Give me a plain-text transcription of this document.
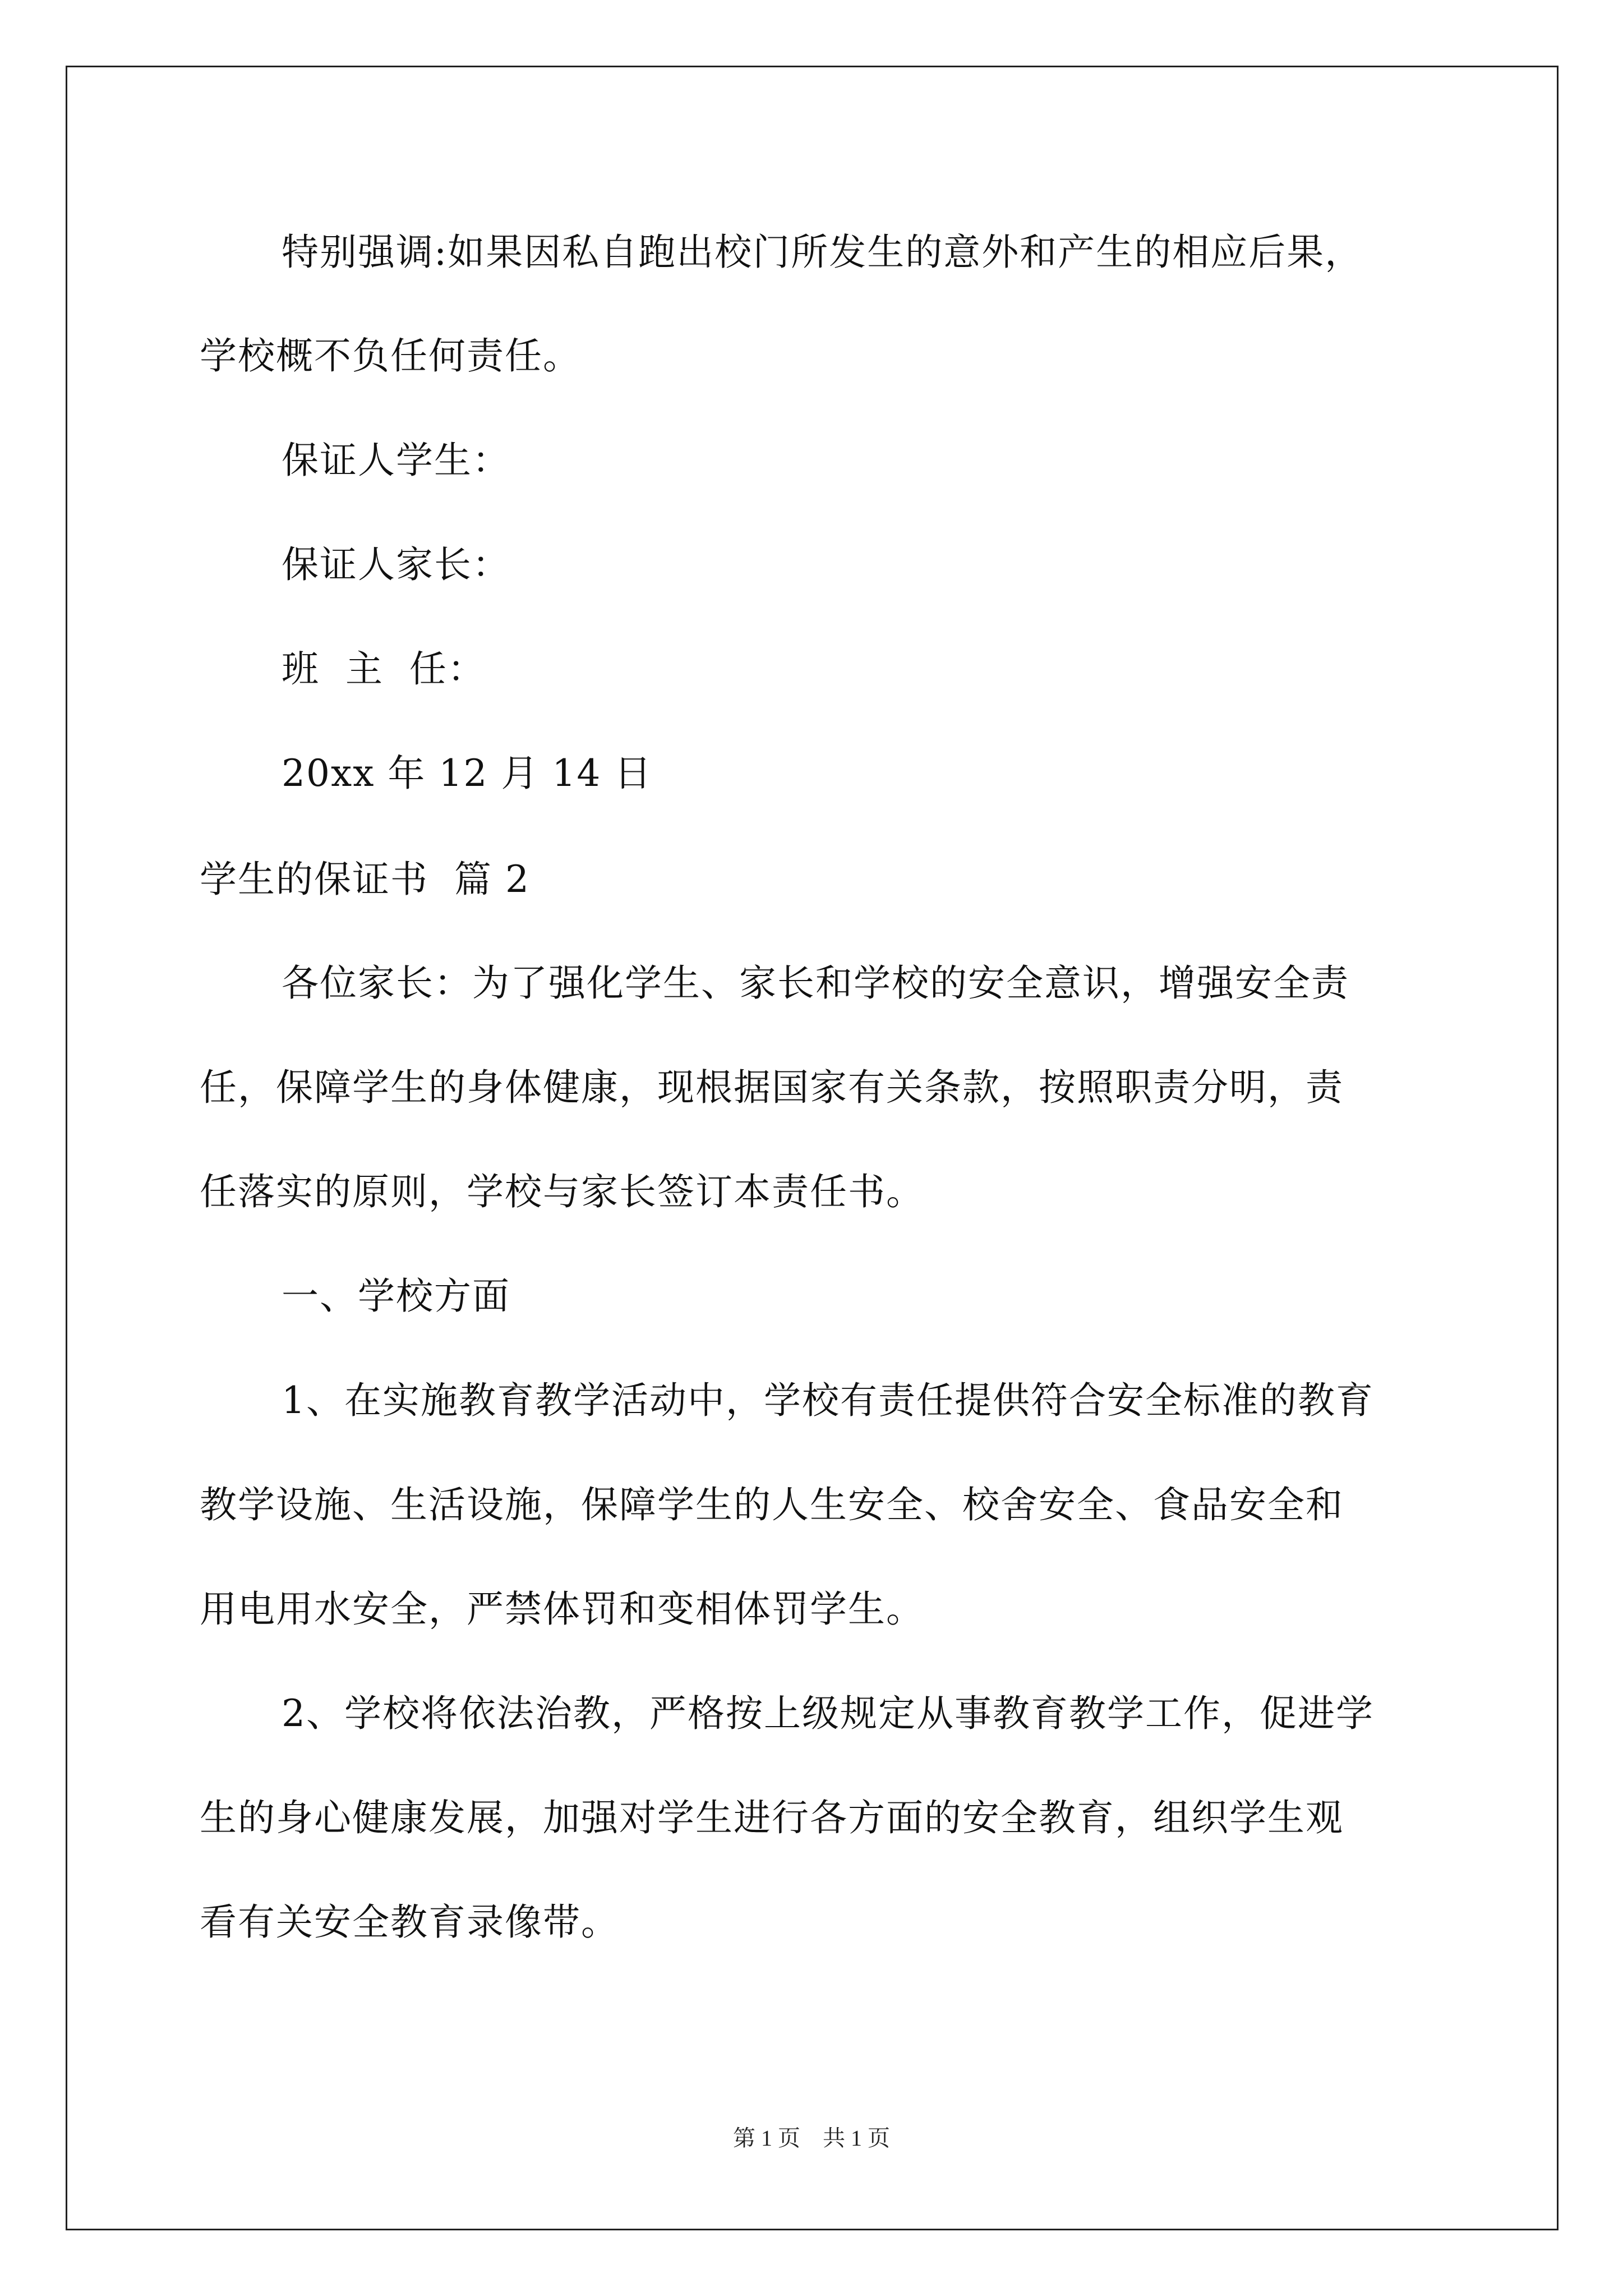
特别强调:如果因私自跑出校门所发生的意外和产生的相应后果，
学校概不负任何责任。
保证人学生：
保证人家长：
班  主  任：
20xx 年 12 月 14 日
学生的保证书  篇 2
各位家长：为了强化学生、家长和学校的安全意识，增强安全责
任，保障学生的身体健康，现根据国家有关条款，按照职责分明，责
任落实的原则，学校与家长签订本责任书。
一、学校方面
1、在实施教育教学活动中，学校有责任提供符合安全标准的教育
教学设施、生活设施，保障学生的人生安全、校舍安全、食品安全和
用电用水安全，严禁体罚和变相体罚学生。
2、学校将依法治教，严格按上级规定从事教育教学工作，促进学
生的身心健康发展，加强对学生进行各方面的安全教育，组织学生观
看有关安全教育录像带。
第 1 页    共 1 页
